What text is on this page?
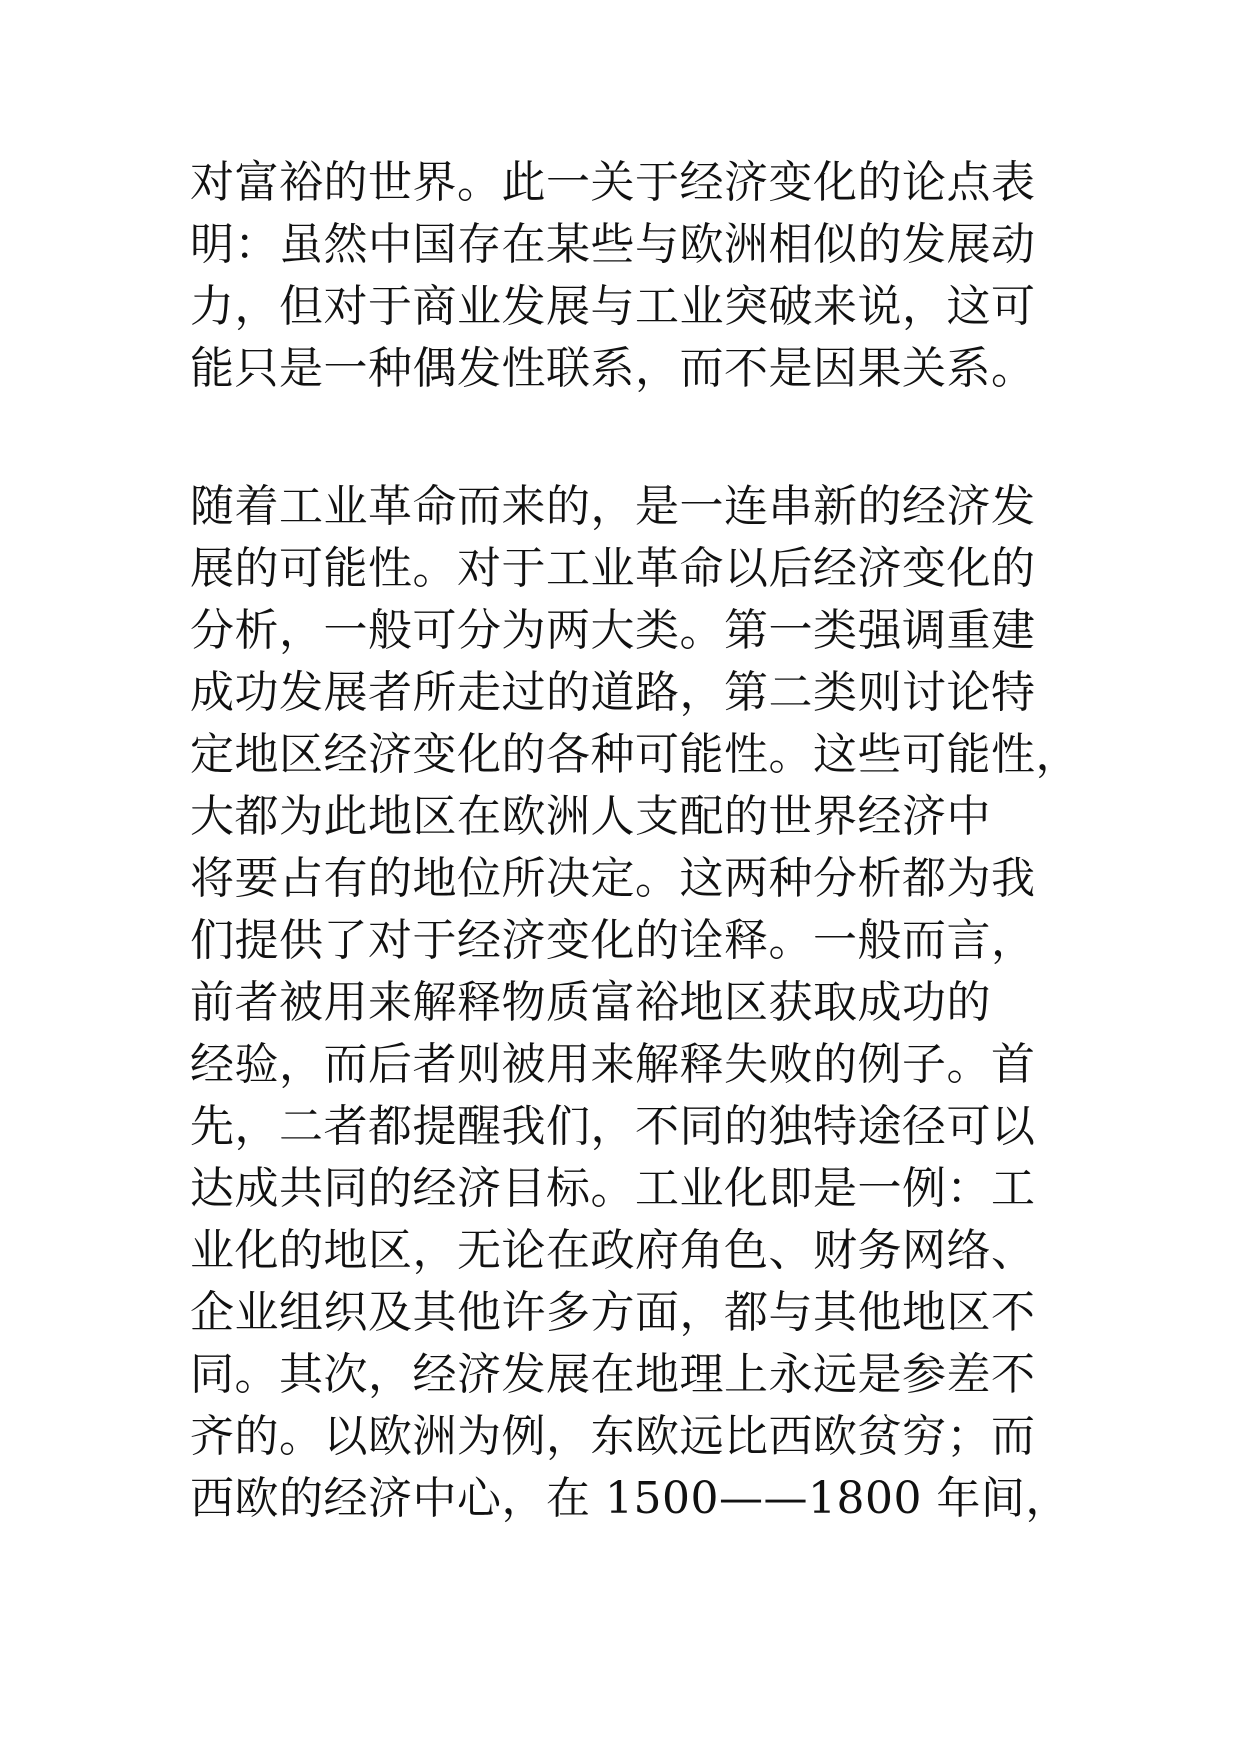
对富裕的世界。此一关于经济变化的论点表
明：虽然中国存在某些与欧洲相似的发展动
力，但对于商业发展与工业突破来说，这可
能只是一种偶发性联系，而不是因果关系。
随着工业革命而来的，是一连串新的经济发
展的可能性。对于工业革命以后经济变化的
分析，一般可分为两大类。第一类强调重建
成功发展者所走过的道路，第二类则讨论特
定地区经济变化的各种可能性。这些可能性，
大都为此地区在欧洲人支配的世界经济中
将要占有的地位所决定。这两种分析都为我
们提供了对于经济变化的诠释。一般而言，
前者被用来解释物质富裕地区获取成功的
经验，而后者则被用来解释失败的例子。首
先，二者都提醒我们，不同的独特途径可以
达成共同的经济目标。工业化即是一例：工
业化的地区，无论在政府角色、财务网络、
企业组织及其他许多方面，都与其他地区不
同。其次，经济发展在地理上永远是参差不
齐的。以欧洲为例，东欧远比西欧贫穷；而
西欧的经济中心，在 1500——1800 年间，
